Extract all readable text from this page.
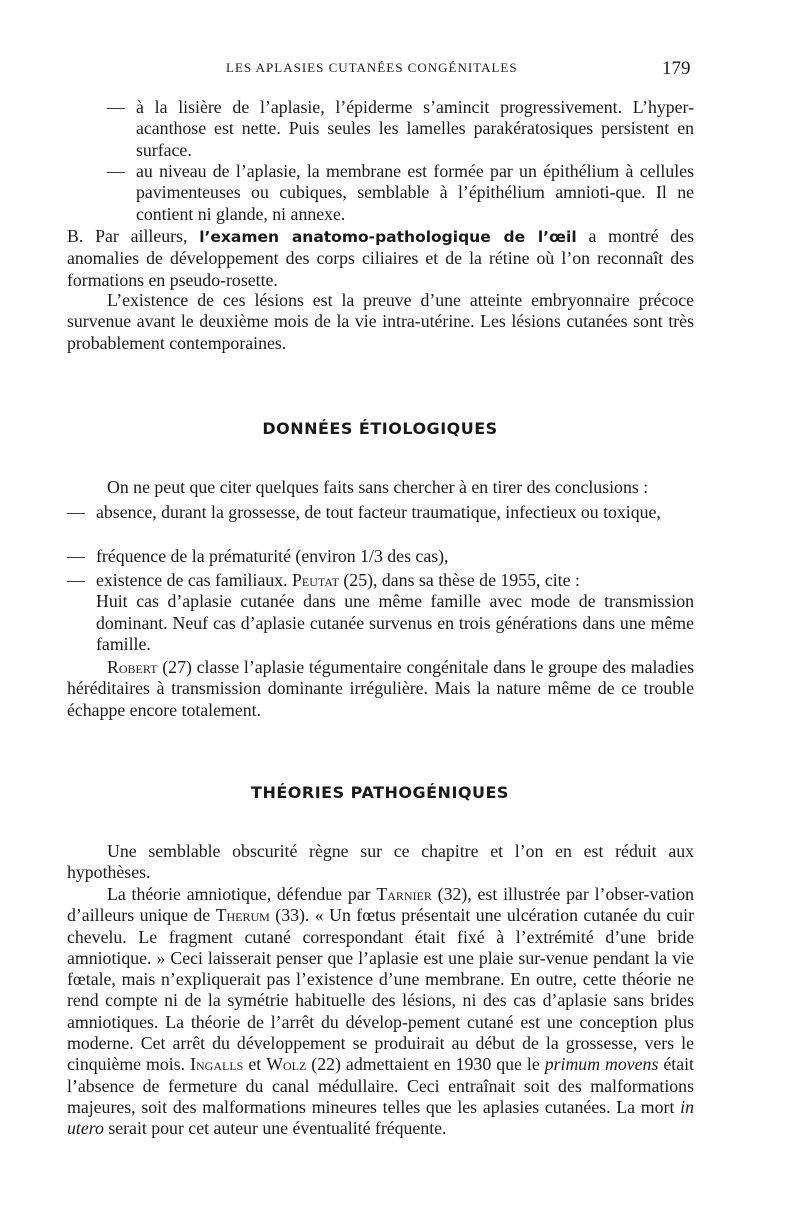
LES APLASIES CUTANÉES CONGÉNITALES	179
— à la lisière de l’aplasie, l’épiderme s’amincit progressivement. L’hyper-acanthose est nette. Puis seules les lamelles parakératosiques persistent en surface.
— au niveau de l’aplasie, la membrane est formée par un épithélium à cellules pavimenteuses ou cubiques, semblable à l’épithélium amnioti-que. Il ne contient ni glande, ni annexe.
B. Par ailleurs, l’examen anatomo-pathologique de l’œil a montré des anomalies de développement des corps ciliaires et de la rétine où l’on reconnaît des formations en pseudo-rosette.
L’existence de ces lésions est la preuve d’une atteinte embryonnaire précoce survenue avant le deuxième mois de la vie intra-utérine. Les lésions cutanées sont très probablement contemporaines.
DONNÉES ÉTIOLOGIQUES
On ne peut que citer quelques faits sans chercher à en tirer des conclusions :
— absence, durant la grossesse, de tout facteur traumatique, infectieux ou toxique,
— fréquence de la prématurité (environ 1/3 des cas),
— existence de cas familiaux. Peutat (25), dans sa thèse de 1955, cite :
Huit cas d’aplasie cutanée dans une même famille avec mode de transmission dominant. Neuf cas d’aplasie cutanée survenus en trois générations dans une même famille.
Robert (27) classe l’aplasie tégumentaire congénitale dans le groupe des maladies héréditaires à transmission dominante irrégulière. Mais la nature même de ce trouble échappe encore totalement.
THÉORIES PATHOGÉNIQUES
Une semblable obscurité règne sur ce chapitre et l’on en est réduit aux hypothèses.
La théorie amniotique, défendue par Tarnier (32), est illustrée par l’obser-vation d’ailleurs unique de Therum (33). « Un fœtus présentait une ulcération cutanée du cuir chevelu. Le fragment cutané correspondant était fixé à l’extrémité d’une bride amniotique. » Ceci laisserait penser que l’aplasie est une plaie sur-venue pendant la vie fœtale, mais n’expliquerait pas l’existence d’une membrane. En outre, cette théorie ne rend compte ni de la symétrie habituelle des lésions, ni des cas d’aplasie sans brides amniotiques. La théorie de l’arrêt du dévelop-pement cutané est une conception plus moderne. Cet arrêt du développement se produirait au début de la grossesse, vers le cinquième mois. Ingalls et Wolz (22) admettaient en 1930 que le primum movens était l’absence de fermeture du canal médullaire. Ceci entraînait soit des malformations majeures, soit des malformations mineures telles que les aplasies cutanées. La mort in utero serait pour cet auteur une éventualité fréquente.
